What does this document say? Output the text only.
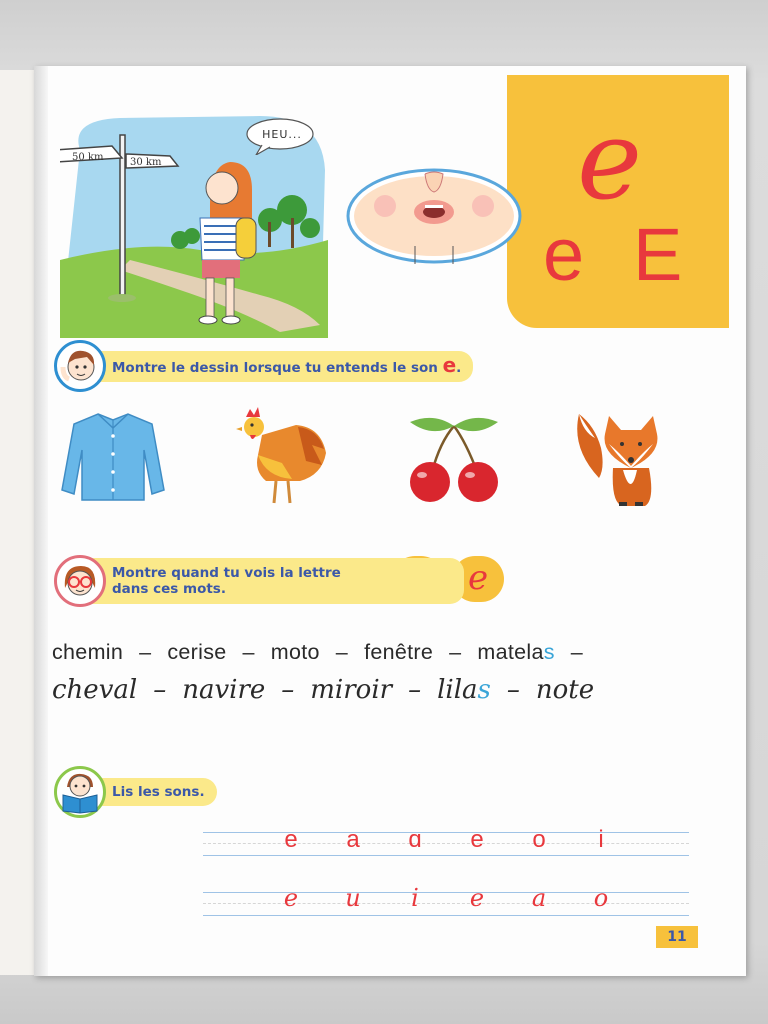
e
e E
HEU...
50 km	30 km
Montre le dessin lorsque tu entends le son e.
Montre quand tu vois la lettre
dans ces mots.	e
chemin – cerise – moto – fenêtre – matelas –
cheval – navire – miroir – lilas – note
Lis les sons.
e	a	ɑ	e	o	i
e	u	i	e	a	o
11
